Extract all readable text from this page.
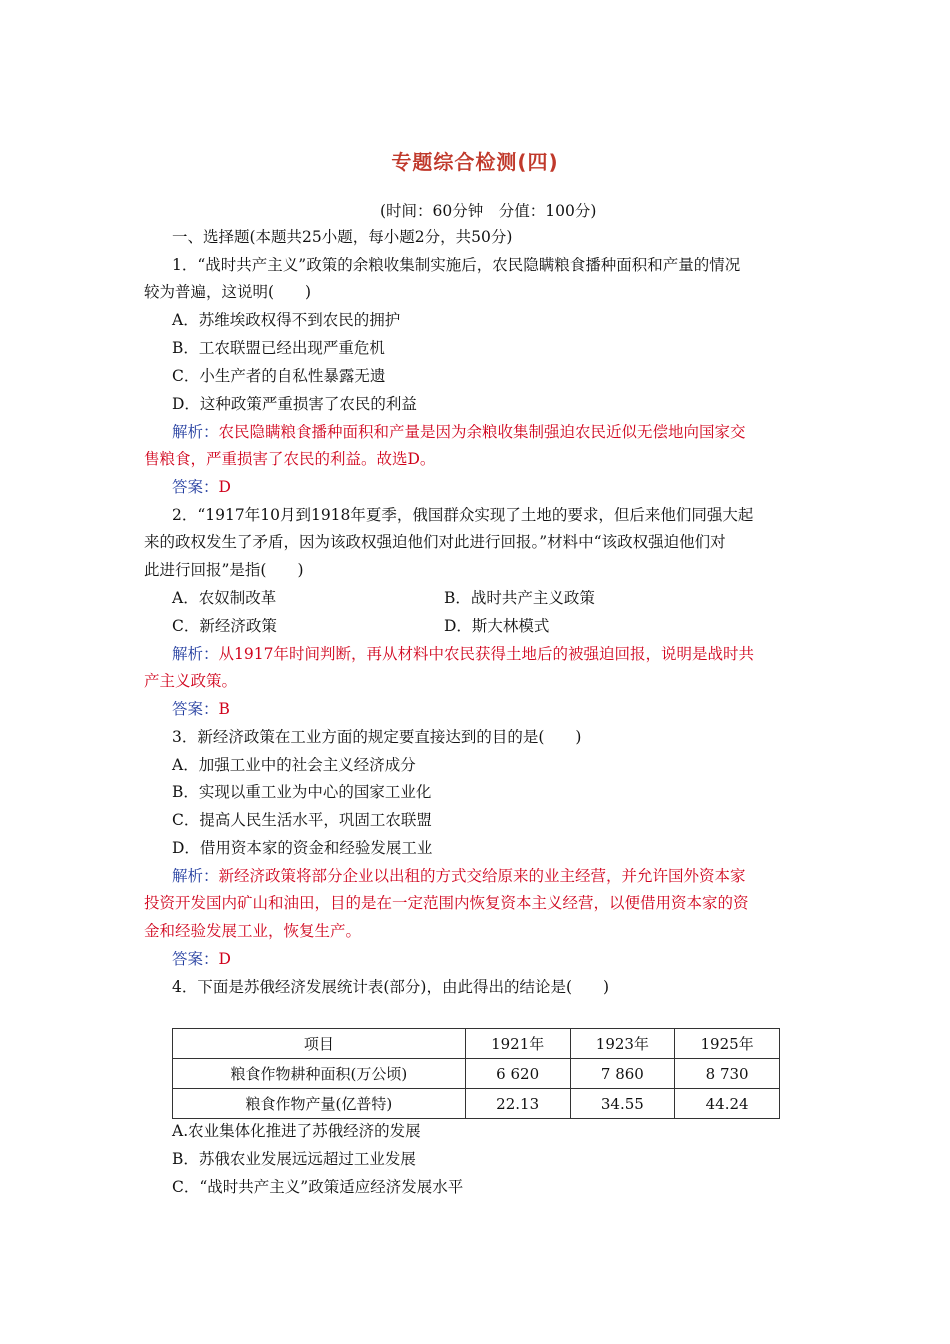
专题综合检测(四)
(时间：60分钟　分值：100分)
一、选择题(本题共25小题，每小题2分，共50分)
1．“战时共产主义”政策的余粮收集制实施后，农民隐瞒粮食播种面积和产量的情况
较为普遍，这说明(　　)
A．苏维埃政权得不到农民的拥护
B．工农联盟已经出现严重危机
C．小生产者的自私性暴露无遗
D．这种政策严重损害了农民的利益
解析：农民隐瞒粮食播种面积和产量是因为余粮收集制强迫农民近似无偿地向国家交
售粮食，严重损害了农民的利益。故选D。
答案：D
2．“1917年10月到1918年夏季，俄国群众实现了土地的要求，但后来他们同强大起
来的政权发生了矛盾，因为该政权强迫他们对此进行回报。”材料中“该政权强迫他们对
此进行回报”是指(　　)
A．农奴制改革	B．战时共产主义政策
C．新经济政策	D．斯大林模式
解析：从1917年时间判断，再从材料中农民获得土地后的被强迫回报，说明是战时共
产主义政策。
答案：B
3．新经济政策在工业方面的规定要直接达到的目的是(　　)
A．加强工业中的社会主义经济成分
B．实现以重工业为中心的国家工业化
C．提高人民生活水平，巩固工农联盟
D．借用资本家的资金和经验发展工业
解析：新经济政策将部分企业以出租的方式交给原来的业主经营，并允许国外资本家
投资开发国内矿山和油田，目的是在一定范围内恢复资本主义经营，以便借用资本家的资
金和经验发展工业，恢复生产。
答案：D
4．下面是苏俄经济发展统计表(部分)，由此得出的结论是(　　)
项目	1921年	1923年	1925年
粮食作物耕种面积(万公顷)	6 620	7 860	8 730
粮食作物产量(亿普特)	22.13	34.55	44.24
A.农业集体化推进了苏俄经济的发展
B．苏俄农业发展远远超过工业发展
C．“战时共产主义”政策适应经济发展水平
